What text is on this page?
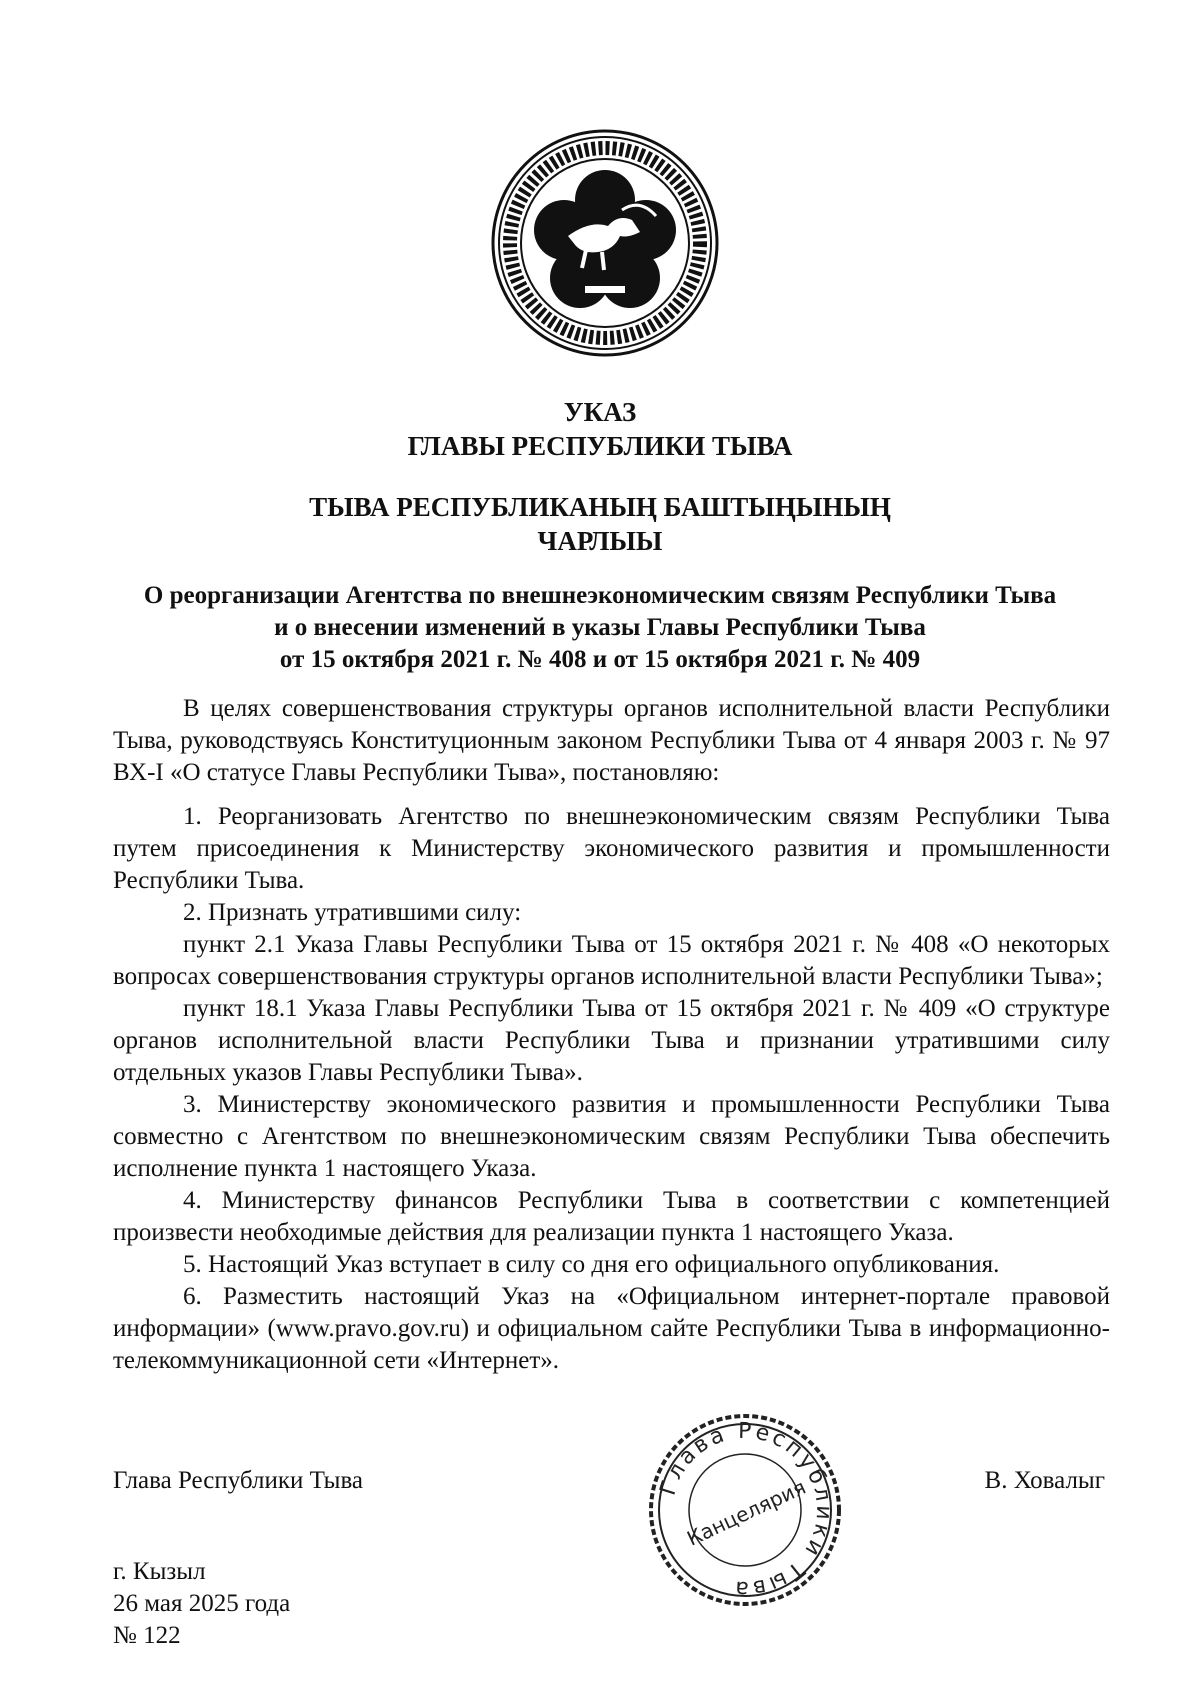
УКАЗ
ГЛАВЫ РЕСПУБЛИКИ ТЫВА
ТЫВА РЕСПУБЛИКАНЫҢ БАШТЫҢЫНЫҢ
ЧАРЛЫЫ
О реорганизации Агентства по внешнеэкономическим связям Республики Тыва
и о внесении изменений в указы Главы Республики Тыва
от 15 октября 2021 г. № 408 и от 15 октября 2021 г. № 409

В целях совершенствования структуры органов исполнительной власти Республики Тыва, руководствуясь Конституционным законом Республики Тыва от 4 января 2003 г. № 97 ВХ-I «О статусе Главы Республики Тыва», постановляю:

1. Реорганизовать Агентство по внешнеэкономическим связям Республики Тыва путем присоединения к Министерству экономического развития и промышленности Республики Тыва.

2. Признать утратившими силу:

пункт 2.1 Указа Главы Республики Тыва от 15 октября 2021 г. № 408 «О некоторых вопросах совершенствования структуры органов исполнительной власти Республики Тыва»;

пункт 18.1 Указа Главы Республики Тыва от 15 октября 2021 г. № 409 «О структуре органов исполнительной власти Республики Тыва и признании утратившими силу отдельных указов Главы Республики Тыва».

3. Министерству экономического развития и промышленности Республики Тыва совместно с Агентством по внешнеэкономическим связям Республики Тыва обеспечить исполнение пункта 1 настоящего Указа.

4. Министерству финансов Республики Тыва в соответствии с компетенцией произвести необходимые действия для реализации пункта 1 настоящего Указа.

5. Настоящий Указ вступает в силу со дня его официального опубликования.

6. Разместить настоящий Указ на «Официальном интернет-портале правовой информации» (www.pravo.gov.ru) и официальном сайте Республики Тыва в информационно-телекоммуникационной сети «Интернет».

Глава Республики Тыва	В. Ховалыг
г. Кызыл
26 мая 2025 года
№ 122
Глава Республики Тыва
Канцелярия
